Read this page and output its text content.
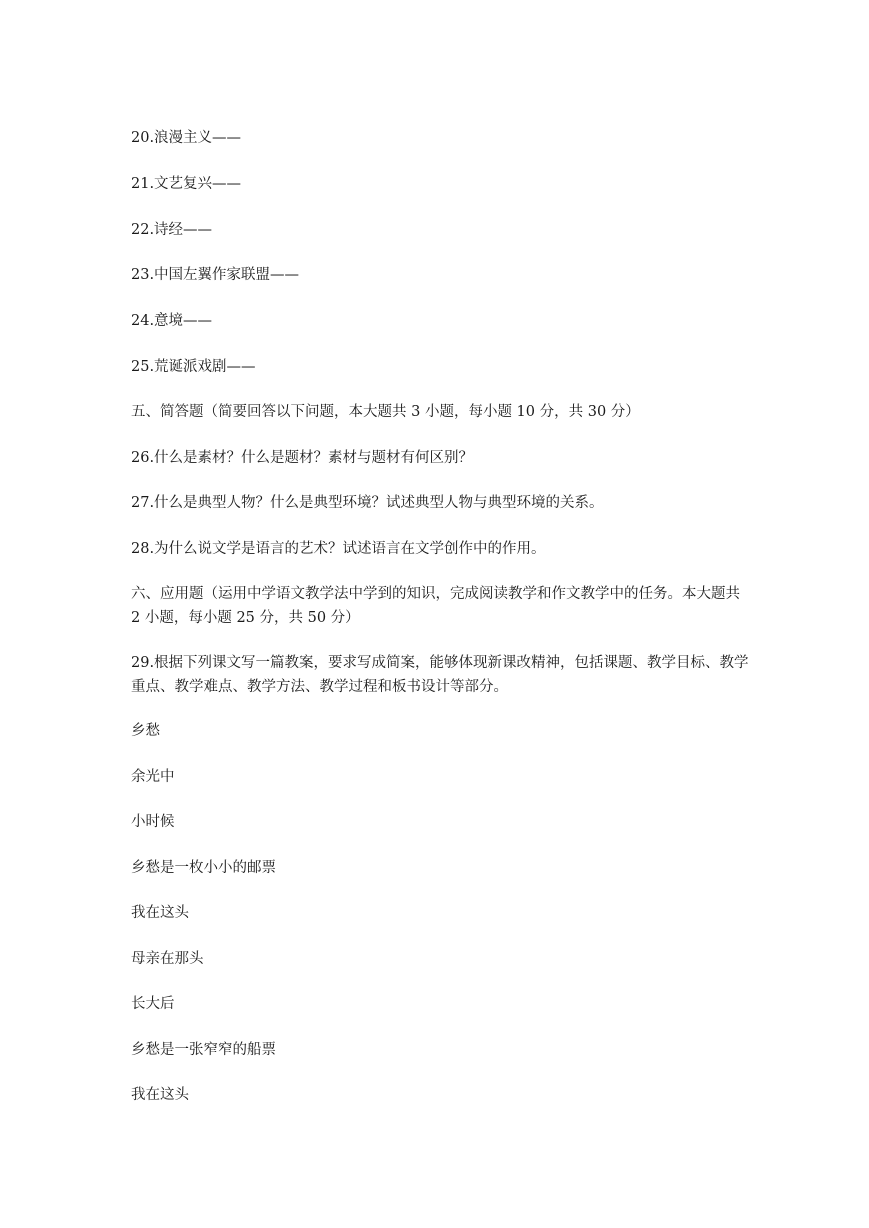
20.浪漫主义——
21.文艺复兴——
22.诗经——
23.中国左翼作家联盟——
24.意境——
25.荒诞派戏剧——
五、简答题（简要回答以下问题，本大题共 3 小题，每小题 10 分，共 30 分）
26.什么是素材？什么是题材？素材与题材有何区别？
27.什么是典型人物？什么是典型环境？试述典型人物与典型环境的关系。
28.为什么说文学是语言的艺术？试述语言在文学创作中的作用。
六、应用题（运用中学语文教学法中学到的知识，完成阅读教学和作文教学中的任务。本大题共 2 小题，每小题 25 分，共 50 分）
29.根据下列课文写一篇教案，要求写成简案，能够体现新课改精神，包括课题、教学目标、教学重点、教学难点、教学方法、教学过程和板书设计等部分。
乡愁
余光中
小时候
乡愁是一枚小小的邮票
我在这头
母亲在那头
长大后
乡愁是一张窄窄的船票
我在这头
